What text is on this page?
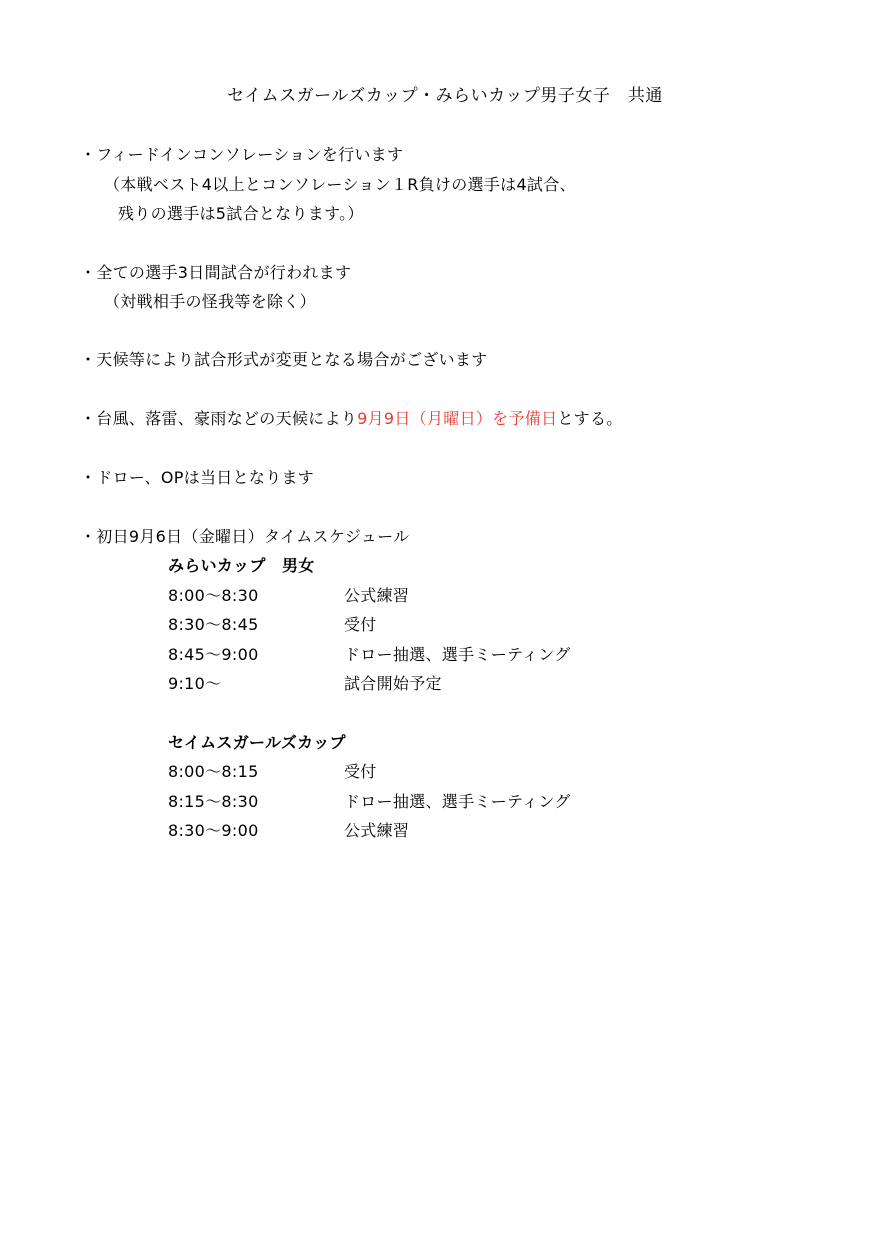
セイムスガールズカップ・みらいカップ男子女子　共通
・フィードインコンソレーションを行います
（本戦ベスト4以上とコンソレーション１R負けの選手は4試合、
残りの選手は5試合となります。）
・全ての選手3日間試合が行われます
（対戦相手の怪我等を除く）
・天候等により試合形式が変更となる場合がございます
・台風、落雷、豪雨などの天候により9月9日（月曜日）を予備日とする。
・ドロー、OPは当日となります
・初日9月6日（金曜日）タイムスケジュール
みらいカップ　男女
8:00～8:30	公式練習
8:30～8:45	受付
8:45～9:00	ドロー抽選、選手ミーティング
9:10～	試合開始予定
セイムスガールズカップ
8:00～8:15	受付
8:15～8:30	ドロー抽選、選手ミーティング
8:30～9:00	公式練習
